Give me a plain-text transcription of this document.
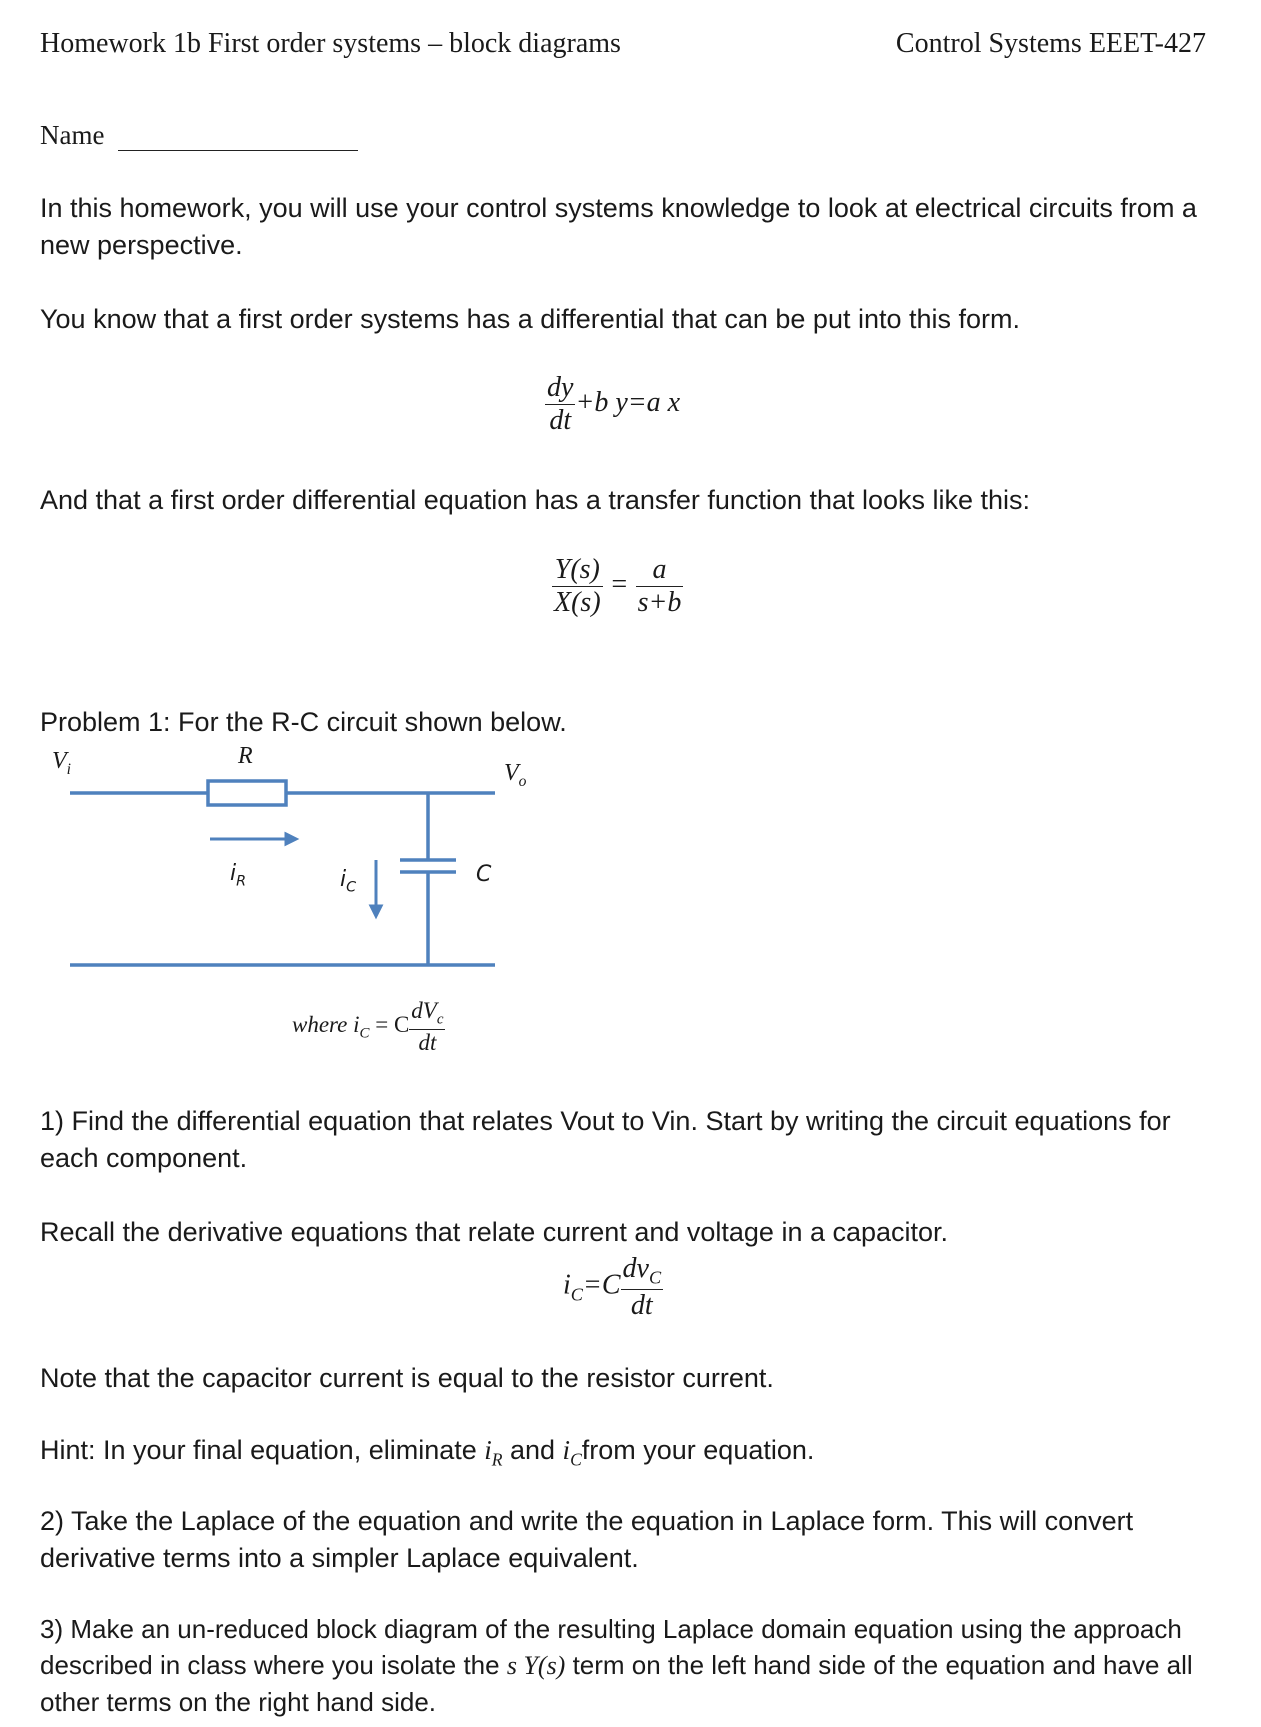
Homework 1b First order systems – block diagrams	Control Systems EEET-427
Name
In this homework, you will use your control systems knowledge to look at electrical circuits from a new perspective.
You know that a first order systems has a differential that can be put into this form.
$\frac{dy}{dt} +b$ y=a x
And that a first order differential equation has a transfer function that looks like this:
$\frac{Y(s)}{X(s)} = \frac{a}{s+b}$
Problem 1: For the R-C circuit shown below.
$V_i$
R
$V_o$
$i_R$	$i_C$
C
where $i_C = C \frac{dV_c}{dt}$
1) Find the differential equation that relates Vout to Vin. Start by writing the circuit equations for each component.
Recall the derivative equations that relate current and voltage in a capacitor.
$i_C=C \frac{dv_C}{dt}$
Note that the capacitor current is equal to the resistor current.
Hint: In your final equation, eliminate $i_R$ and $i_Cfrom$ your equation.
2) Take the Laplace of the equation and write the equation in Laplace form. This will convert derivative terms into a simpler Laplace equivalent.
3) Make an un-reduced block diagram of the resulting Laplace domain equation using the approach described in class where you isolate the s Y(s) term on the left hand side of the equation and have all other terms on the right hand side.
